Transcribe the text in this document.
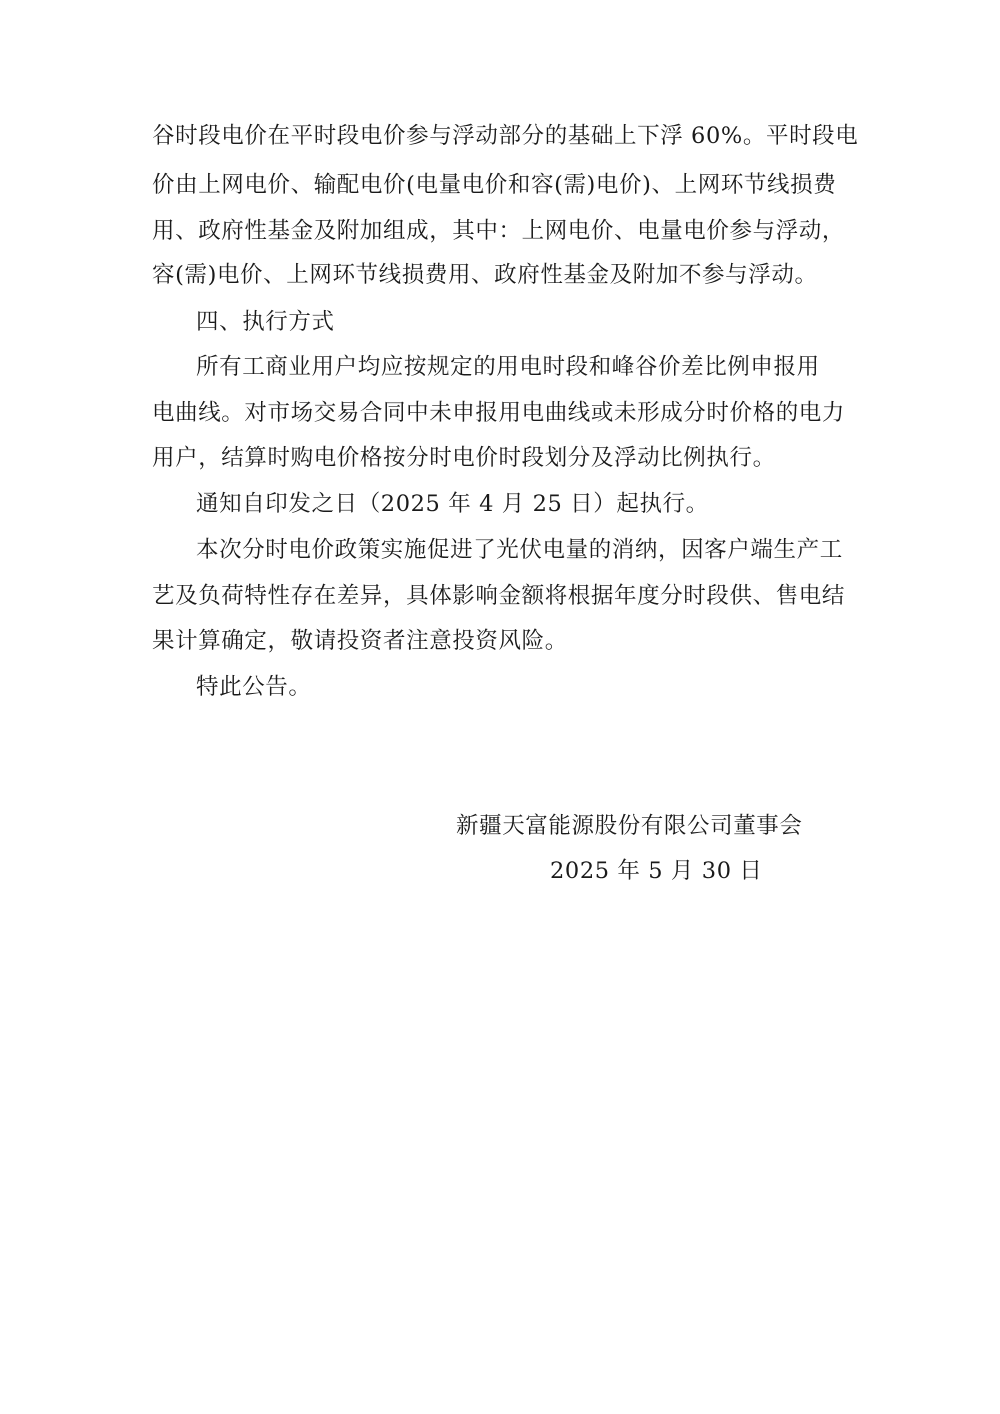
谷时段电价在平时段电价参与浮动部分的基础上下浮 60%。平时段电
价由上网电价、输配电价(电量电价和容(需)电价)、上网环节线损费
用、政府性基金及附加组成，其中：上网电价、电量电价参与浮动，
容(需)电价、上网环节线损费用、政府性基金及附加不参与浮动。
四、执行方式
所有工商业用户均应按规定的用电时段和峰谷价差比例申报用
电曲线。对市场交易合同中未申报用电曲线或未形成分时价格的电力
用户，结算时购电价格按分时电价时段划分及浮动比例执行。
通知自印发之日（2025 年 4 月 25 日）起执行。
本次分时电价政策实施促进了光伏电量的消纳，因客户端生产工
艺及负荷特性存在差异，具体影响金额将根据年度分时段供、售电结
果计算确定，敬请投资者注意投资风险。
特此公告。
新疆天富能源股份有限公司董事会
2025 年 5 月 30 日
